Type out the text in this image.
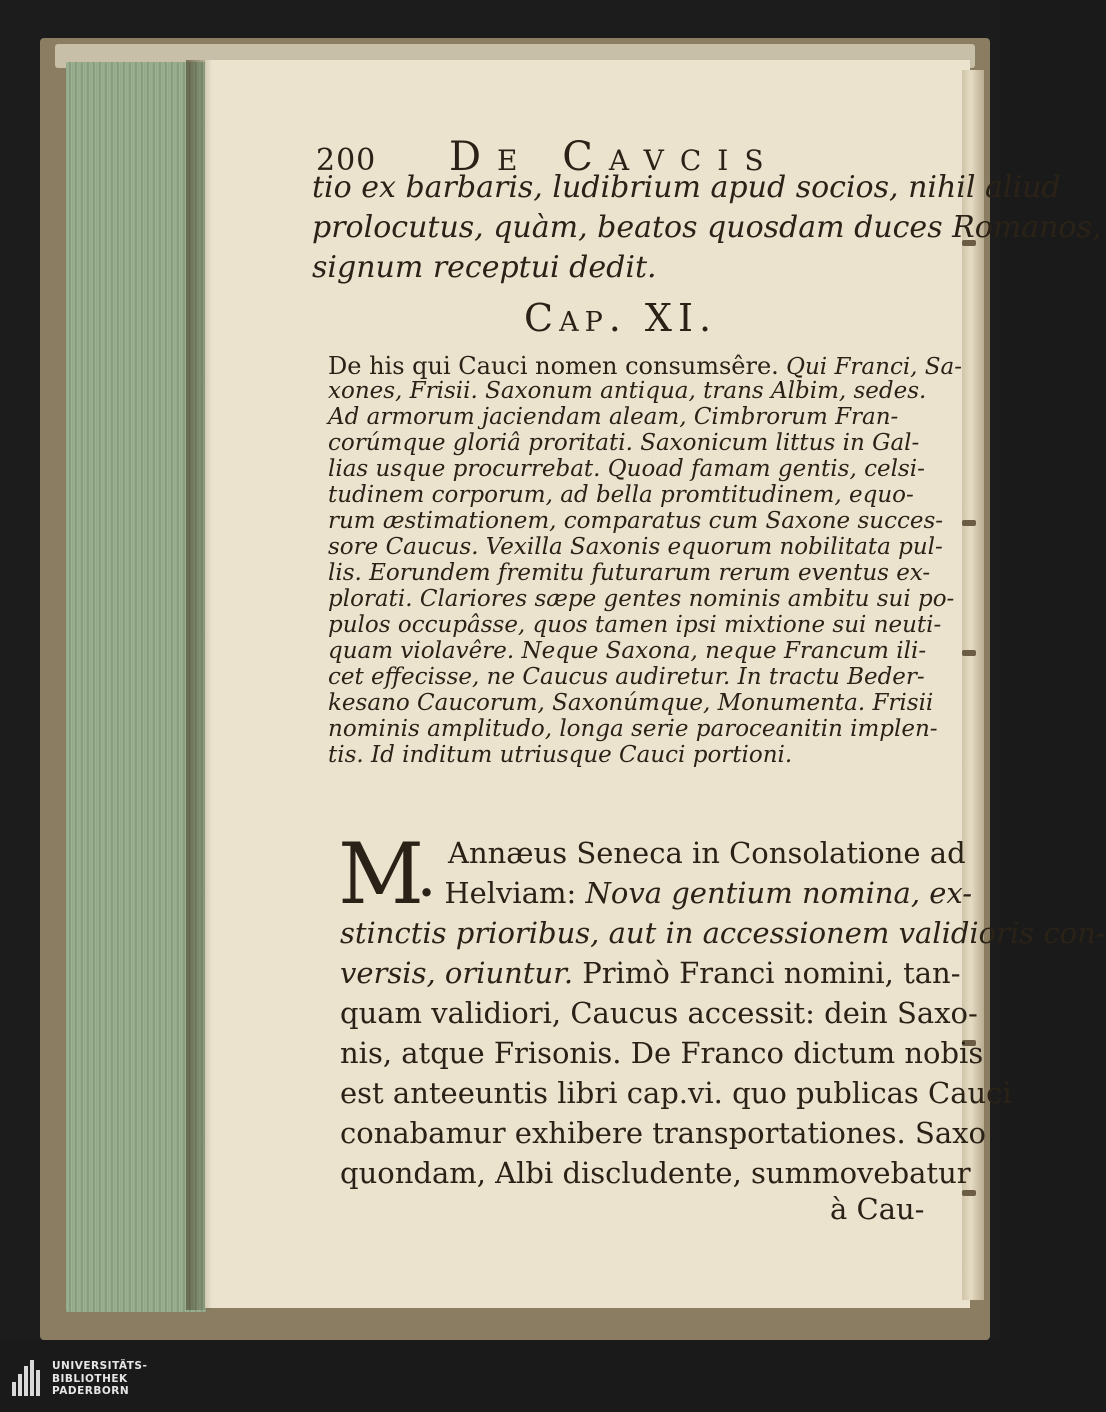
200 De Cavcis
tio ex barbaris, ludibrium apud socios, nihil aliud
prolocutus, quàm, beatos quosdam duces Romanos,
signum receptui dedit.
Cap. XI.
De his qui Cauci nomen consumsêre. Qui Franci, Sa-
xones, Frisii. Saxonum antiqua, trans Albim, sedes.
Ad armorum jaciendam aleam, Cimbrorum Fran-
corúmque gloriâ proritati. Saxonicum littus in Gal-
lias usque procurrebat. Quoad famam gentis, celsi-
tudinem corporum, ad bella promtitudinem, equo-
rum æstimationem, comparatus cum Saxone succes-
sore Caucus. Vexilla Saxonis equorum nobilitata pul-
lis. Eorundem fremitu futurarum rerum eventus ex-
plorati. Clariores sæpe gentes nominis ambitu sui po-
pulos occupâsse, quos tamen ipsi mixtione sui neuti-
quam violavêre. Neque Saxona, neque Francum ili-
cet effecisse, ne Caucus audiretur. In tractu Beder-
kesano Caucorum, Saxonúmque, Monumenta. Frisii
nominis amplitudo, longa serie paroceanitin implen-
tis. Id inditum utriusque Cauci portioni.
M Annæus Seneca in Consolatione ad
• Helviam: Nova gentium nomina, ex-
stinctis prioribus, aut in accessionem validioris con-
versis, oriuntur. Primò Franci nomini, tan-
quam validiori, Caucus accessit: dein Saxo-
nis, atque Frisonis. De Franco dictum nobis
est anteeuntis libri cap.vi. quo publicas Cauci
conabamur exhibere transportationes. Saxo
quondam, Albi discludente, summovebatur
à Cau-
UNIVERSITÄTS-
BIBLIOTHEK
PADERBORN
